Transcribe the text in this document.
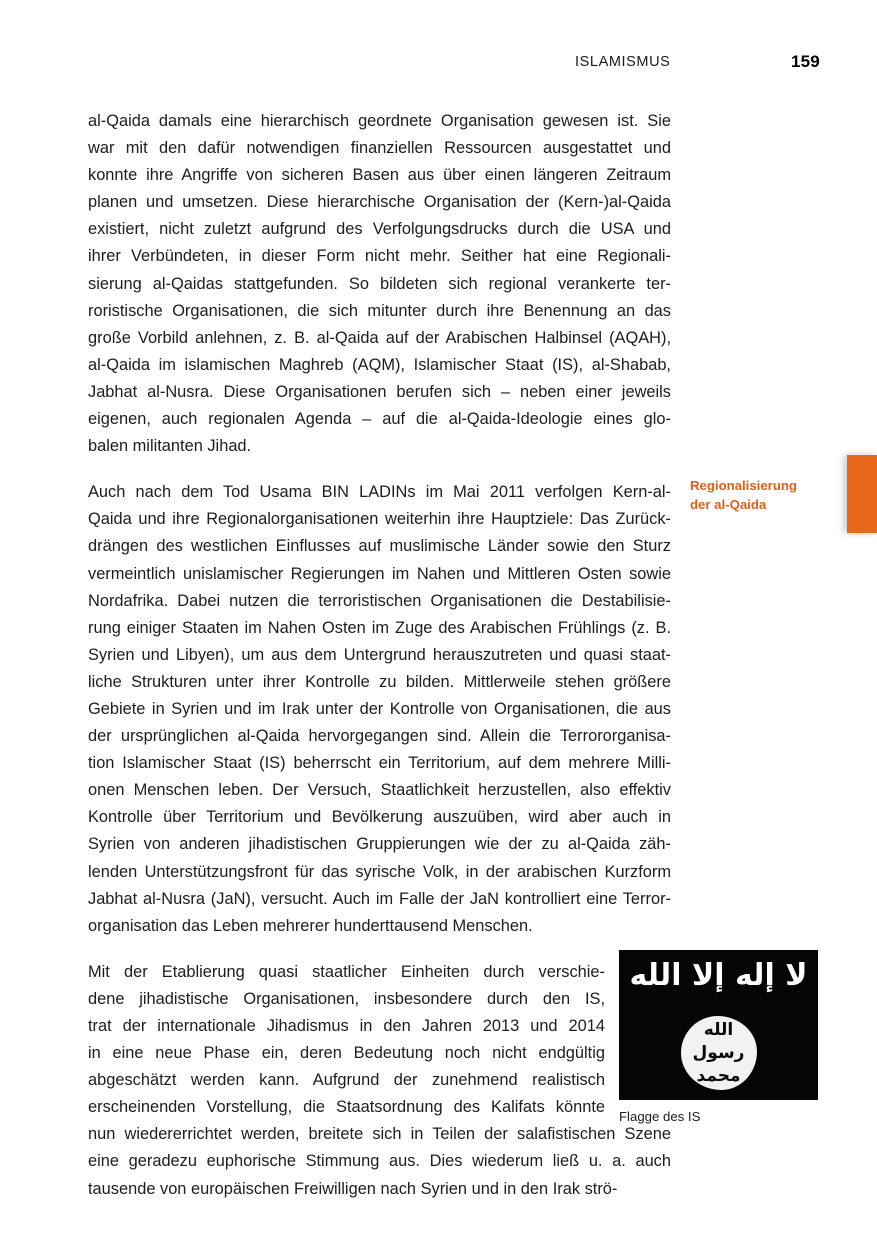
ISLAMISMUS	159

al-Qaida damals eine hierarchisch geordnete Organisation gewesen ist. Sie
war mit den dafür notwendigen finanziellen Ressourcen ausgestattet und
konnte ihre Angriffe von sicheren Basen aus über einen längeren Zeitraum
planen und umsetzen. Diese hierarchische Organisation der (Kern-)al-Qaida
existiert, nicht zuletzt aufgrund des Verfolgungsdrucks durch die USA und
ihrer Verbündeten, in dieser Form nicht mehr. Seither hat eine Regionali-
sierung al-Qaidas stattgefunden. So bildeten sich regional verankerte ter-
roristische Organisationen, die sich mitunter durch ihre Benennung an das
große Vorbild anlehnen, z. B. al-Qaida auf der Arabischen Halbinsel (AQAH),
al-Qaida im islamischen Maghreb (AQM), Islamischer Staat (IS), al-Shabab,
Jabhat al-Nusra. Diese Organisationen berufen sich – neben einer jeweils
eigenen, auch regionalen Agenda – auf die al-Qaida-Ideologie eines glo-
balen militanten Jihad.

Auch nach dem Tod Usama BIN LADINs im Mai 2011 verfolgen Kern-al-
Qaida und ihre Regionalorganisationen weiterhin ihre Hauptziele: Das Zurück-
drängen des westlichen Einflusses auf muslimische Länder sowie den Sturz
vermeintlich unislamischer Regierungen im Nahen und Mittleren Osten sowie
Nordafrika. Dabei nutzen die terroristischen Organisationen die Destabilisie-
rung einiger Staaten im Nahen Osten im Zuge des Arabischen Frühlings (z. B.
Syrien und Libyen), um aus dem Untergrund herauszutreten und quasi staat-
liche Strukturen unter ihrer Kontrolle zu bilden. Mittlerweile stehen größere
Gebiete in Syrien und im Irak unter der Kontrolle von Organisationen, die aus
der ursprünglichen al-Qaida hervorgegangen sind. Allein die Terrororganisa-
tion Islamischer Staat (IS) beherrscht ein Territorium, auf dem mehrere Milli-
onen Menschen leben. Der Versuch, Staatlichkeit herzustellen, also effektiv
Kontrolle über Territorium und Bevölkerung auszuüben, wird aber auch in
Syrien von anderen jihadistischen Gruppierungen wie der zu al-Qaida zäh-
lenden Unterstützungsfront für das syrische Volk, in der arabischen Kurzform
Jabhat al-Nusra (JaN), versucht. Auch im Falle der JaN kontrolliert eine Terror-
organisation das Leben mehrerer hunderttausend Menschen.

Mit der Etablierung quasi staatlicher Einheiten durch verschie-
dene jihadistische Organisationen, insbesondere durch den IS,
trat der internationale Jihadismus in den Jahren 2013 und 2014
in eine neue Phase ein, deren Bedeutung noch nicht endgültig
abgeschätzt werden kann. Aufgrund der zunehmend realistisch
erscheinenden Vorstellung, die Staatsordnung des Kalifats könnte
nun wiedererrichtet werden, breitete sich in Teilen der salafistischen Szene
eine geradezu euphorische Stimmung aus. Dies wiederum ließ u. a. auch
tausende von europäischen Freiwilligen nach Syrien und in den Irak strö-

Regionalisierung
der al-Qaida
لا إله إلا الله
الله
رسول
محمد
Flagge des IS
